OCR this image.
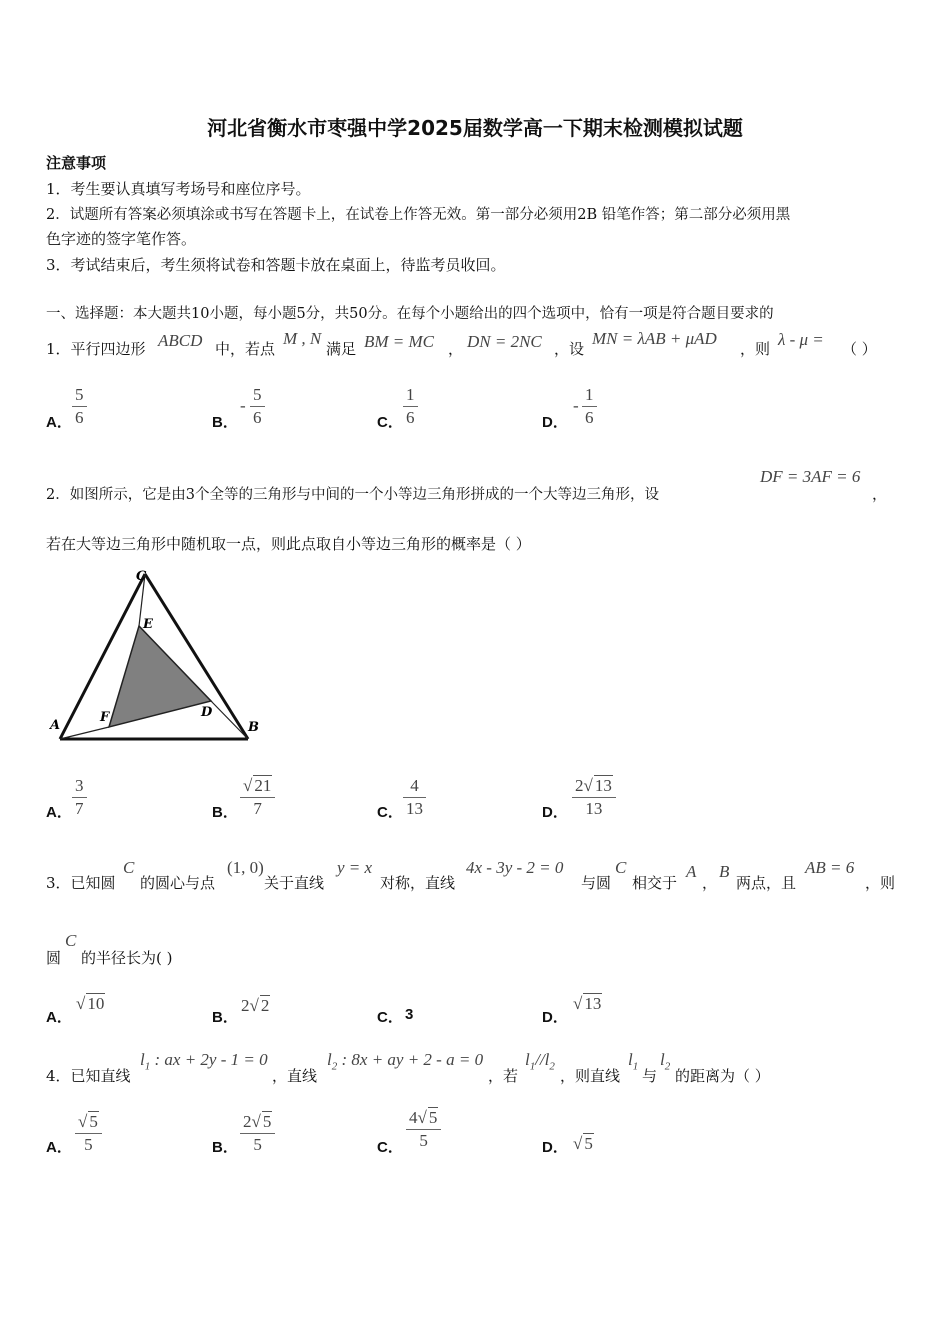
河北省衡水市枣强中学2025届数学高一下期末检测模拟试题
注意事项
1．考生要认真填写考场号和座位序号。
2．试题所有答案必须填涂或书写在答题卡上，在试卷上作答无效。第一部分必须用2B 铅笔作答；第二部分必须用黑
色字迹的签字笔作答。
3．考试结束后，考生须将试卷和答题卡放在桌面上，待监考员收回。
一、选择题：本大题共10小题，每小题5分，共50分。在每个小题给出的四个选项中，恰有一项是符合题目要求的
1．平行四边形 ABCD 中，若点
M , N
满足 BM = MC ， DN = 2NC ，设
MN = λAB + μAD
，则 λ - μ = （ ）
A．
5
6	B．
-
5
6	C．
1
6	D．
-
1
6
2．如图所示，它是由3个全等的三角形与中间的一个小等边三角形拼成的一个大等边三角形，设
DF = 3AF = 6
，
若在大等边三角形中随机取一点，则此点取自小等边三角形的概率是（ ）
C
E
A
F	D
B
A．
3
7	B．
√ 21
7	C．
4
13	D．
2√ 13
13
3．已知圆
C
的圆心与点
(1, 0)
关于直线
y = x
对称，直线
4x - 3y - 2 = 0
与圆
C
相交于
A
，
B
两点，且
AB = 6
，则
圆
C
的半径长为( )
A．
√ 10
B．
2√ 2
C． 3	D．
√ 13
4．已知直线
$l_1$ : ax + 2y - 1 = 0
，直线
$l_2$ : 8x + ay + 2 - a = 0
，若
$l_1//l_2$
，则直线
$l_1$
与
$l_2$
的距离为（ ）
A．
√ 5
5	B．
2√ 5
5	C．
4√ 5
5	D． √ 5
